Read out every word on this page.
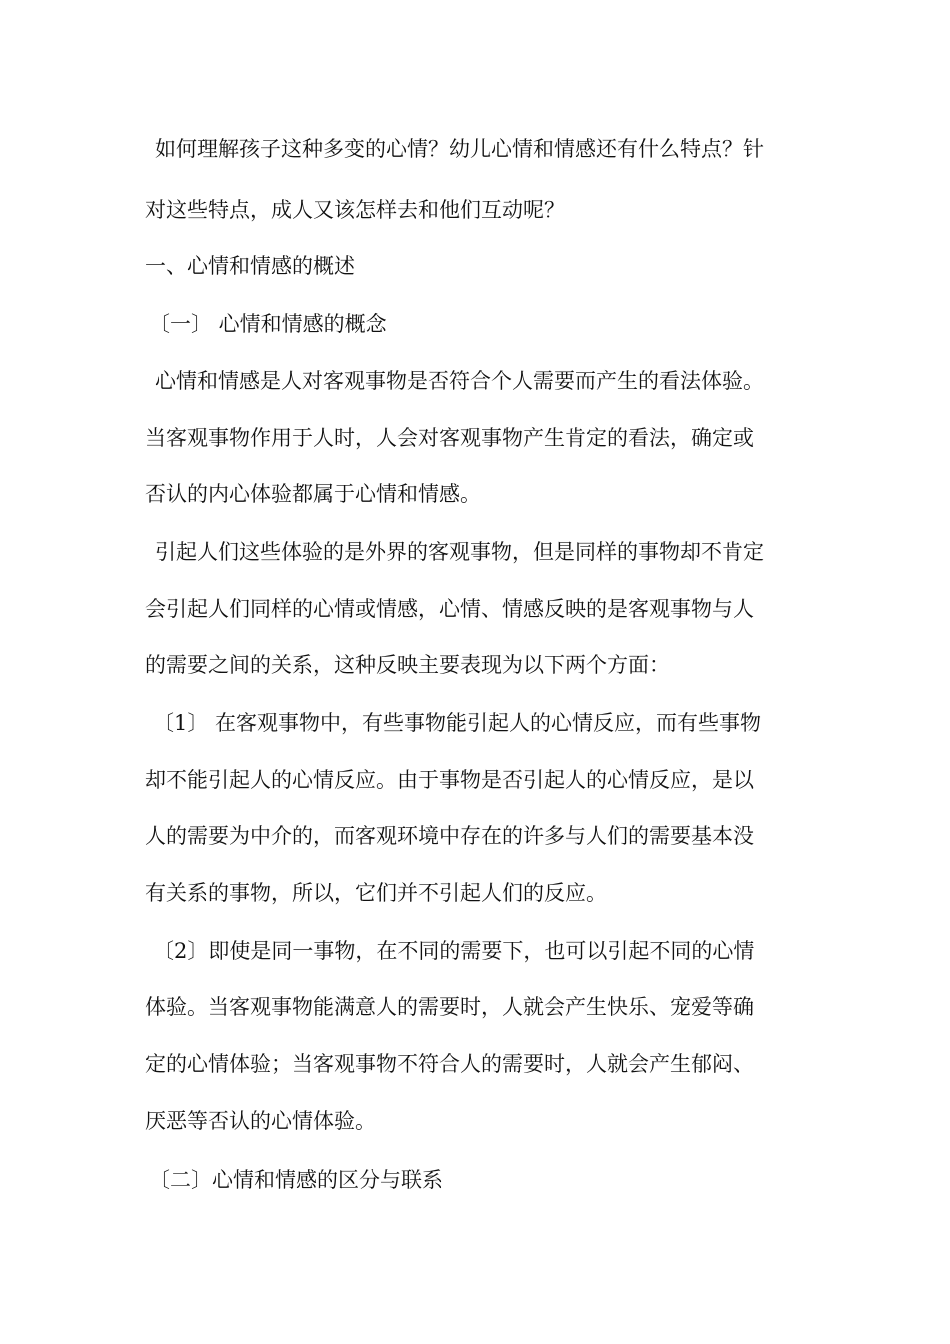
如何理解孩子这种多变的心情？幼儿心情和情感还有什么特点？针
对这些特点，成人又该怎样去和他们互动呢？
一、心情和情感的概述
〔一〕 心情和情感的概念
心情和情感是人对客观事物是否符合个人需要而产生的看法体验。
当客观事物作用于人时，人会对客观事物产生肯定的看法，确定或
否认的内心体验都属于心情和情感。
引起人们这些体验的是外界的客观事物，但是同样的事物却不肯定
会引起人们同样的心情或情感，心情、情感反映的是客观事物与人
的需要之间的关系，这种反映主要表现为以下两个方面：
〔1〕 在客观事物中，有些事物能引起人的心情反应，而有些事物
却不能引起人的心情反应。由于事物是否引起人的心情反应，是以
人的需要为中介的，而客观环境中存在的许多与人们的需要基本没
有关系的事物，所以，它们并不引起人们的反应。
〔2〕即使是同一事物，在不同的需要下，也可以引起不同的心情
体验。当客观事物能满意人的需要时，人就会产生快乐、宠爱等确
定的心情体验；当客观事物不符合人的需要时，人就会产生郁闷、
厌恶等否认的心情体验。
〔二〕心情和情感的区分与联系
